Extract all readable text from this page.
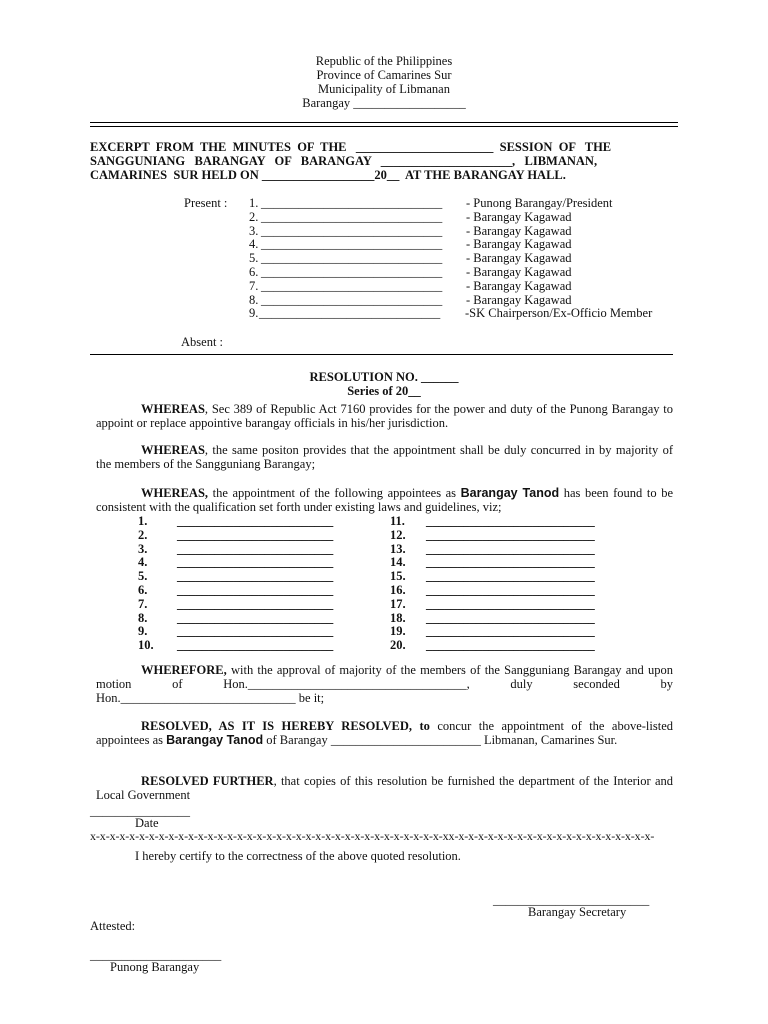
Republic of the Philippines
Province of Camarines Sur
Municipality of Libmanan
Barangay __________________
EXCERPT  FROM  THE  MINUTES  OF  THE   ______________________  SESSION  OF   THE
SANGGUNIANG   BARANGAY   OF   BARANGAY   _____________________,   LIBMANAN,
CAMARINES  SUR HELD ON __________________20__  AT THE BARANGAY HALL.
Present : 1. _____________________________ - Punong Barangay/President
2. _____________________________ - Barangay Kagawad
3. _____________________________ - Barangay Kagawad
4. _____________________________ - Barangay Kagawad
5. _____________________________ - Barangay Kagawad
6. _____________________________ - Barangay Kagawad
7. _____________________________ - Barangay Kagawad
8. _____________________________ - Barangay Kagawad
9. _____________________________ -SK Chairperson/Ex-Officio Member
Absent :
RESOLUTION NO. ______
Series of 20__
WHEREAS, Sec 389 of Republic Act 7160 provides for the power and duty of the Punong Barangay to appoint or replace appointive barangay officials in his/her jurisdiction.
WHEREAS, the same positon provides that the appointment shall be duly concurred in by majority of the members of the Sangguniang Barangay;
WHEREAS, the appointment of the following appointees as Barangay Tanod has been found to be consistent with the qualification set forth under existing laws and guidelines, viz;
1. _________________________
2. _________________________
3. _________________________
4. _________________________
5. _________________________
6. _________________________
7. _________________________
8. _________________________
9. _________________________
10. _________________________
11. ___________________________
12. ___________________________
13. ___________________________
14. ___________________________
15. ___________________________
16. ___________________________
17. ___________________________
18. ___________________________
19. ___________________________
20. ___________________________
WHEREFORE, with the approval of majority of the members of the Sangguniang Barangay and upon motion of Hon.___________________________________, duly seconded by Hon.____________________________ be it;
RESOLVED, AS IT IS HEREBY RESOLVED, to concur the appointment of the above-listed appointees as Barangay Tanod of Barangay ________________________ Libmanan, Camarines Sur.
RESOLVED FURTHER, that copies of this resolution be furnished the department of the Interior and Local Government
________________
Date
x-x-x-x-x-x-x-x-x-x-x-x-x-x-x-x-x-x-x-x-x-x-x-x-x-x-x-x-x-x-x-x-x-x-x-x-xx-x-x-x-x-x-x-x-x-x-x-x-x-x-x-x-x-x-x-x-x-
I hereby certify to the correctness of the above quoted resolution.
_________________________
Barangay Secretary
Attested:
_____________________
Punong Barangay
